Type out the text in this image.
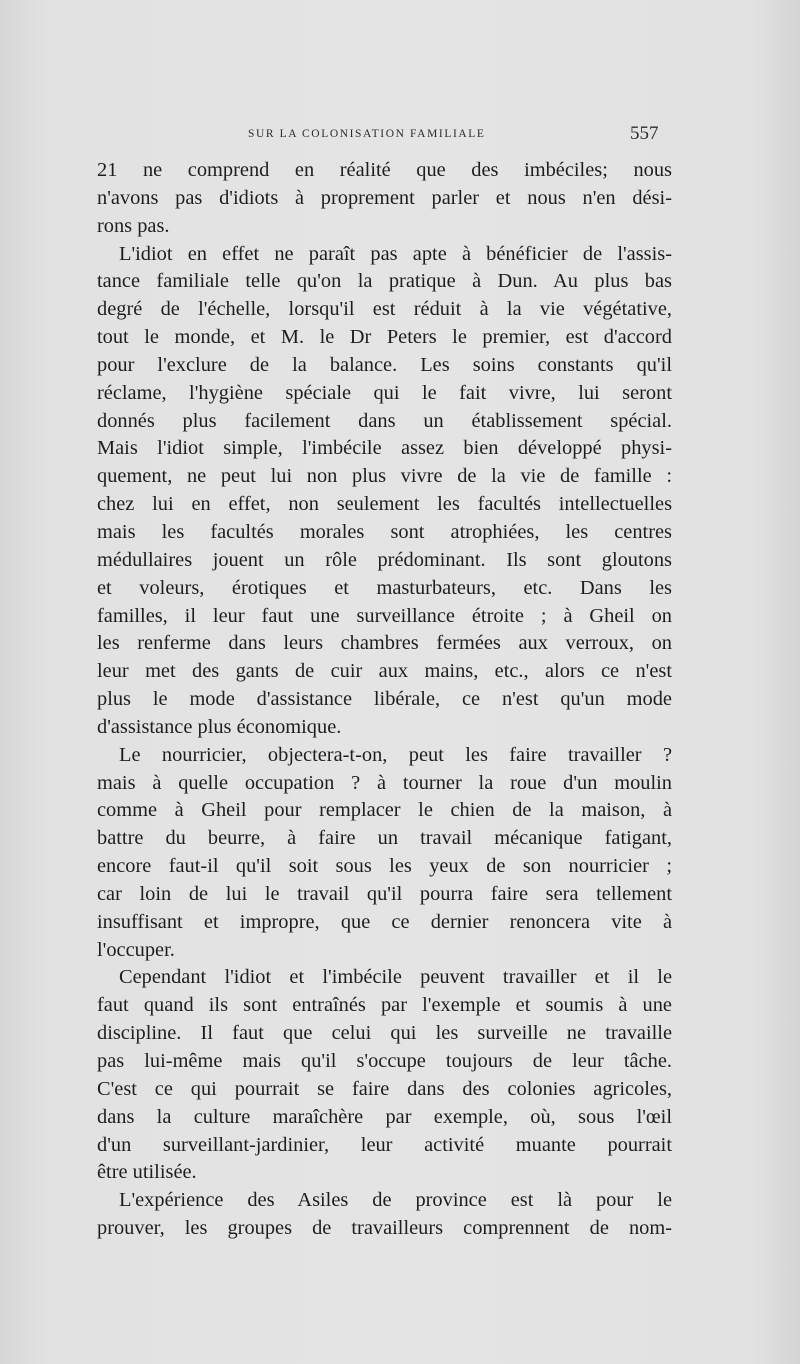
SUR LA COLONISATION FAMILIALE	557
21 ne comprend en réalité que des imbéciles; nous
n'avons pas d'idiots à proprement parler et nous n'en dési-
rons pas.
L'idiot en effet ne paraît pas apte à bénéficier de l'assis-
tance familiale telle qu'on la pratique à Dun. Au plus bas
degré de l'échelle, lorsqu'il est réduit à la vie végétative,
tout le monde, et M. le Dr Peters le premier, est d'accord
pour l'exclure de la balance. Les soins constants qu'il
réclame, l'hygiène spéciale qui le fait vivre, lui seront
donnés plus facilement dans un établissement spécial.
Mais l'idiot simple, l'imbécile assez bien développé physi-
quement, ne peut lui non plus vivre de la vie de famille :
chez lui en effet, non seulement les facultés intellectuelles
mais les facultés morales sont atrophiées, les centres
médullaires jouent un rôle prédominant. Ils sont gloutons
et voleurs, érotiques et masturbateurs, etc. Dans les
familles, il leur faut une surveillance étroite ; à Gheil on
les renferme dans leurs chambres fermées aux verroux, on
leur met des gants de cuir aux mains, etc., alors ce n'est
plus le mode d'assistance libérale, ce n'est qu'un mode
d'assistance plus économique.
Le nourricier, objectera-t-on, peut les faire travailler ?
mais à quelle occupation ? à tourner la roue d'un moulin
comme à Gheil pour remplacer le chien de la maison, à
battre du beurre, à faire un travail mécanique fatigant,
encore faut-il qu'il soit sous les yeux de son nourricier ;
car loin de lui le travail qu'il pourra faire sera tellement
insuffisant et impropre, que ce dernier renoncera vite à
l'occuper.
Cependant l'idiot et l'imbécile peuvent travailler et il le
faut quand ils sont entraînés par l'exemple et soumis à une
discipline. Il faut que celui qui les surveille ne travaille
pas lui-même mais qu'il s'occupe toujours de leur tâche.
C'est ce qui pourrait se faire dans des colonies agricoles,
dans la culture maraîchère par exemple, où, sous l'œil
d'un surveillant-jardinier, leur activité muante pourrait
être utilisée.
L'expérience des Asiles de province est là pour le
prouver, les groupes de travailleurs comprennent de nom-
